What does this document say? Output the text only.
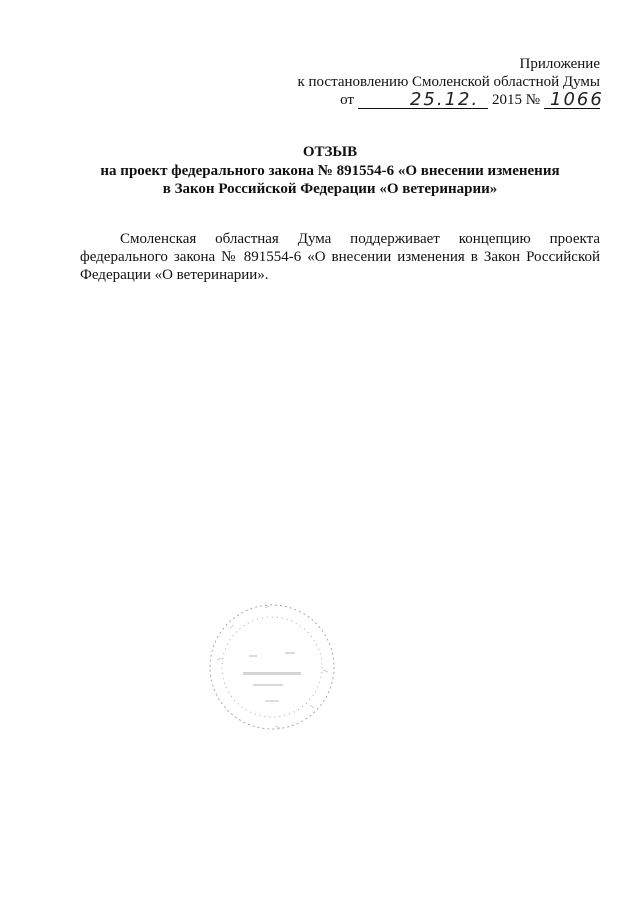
Приложение
к постановлению Смоленской областной Думы
от	25.12. 2015 № 1066
ОТЗЫВ
на проект федерального закона № 891554-6 «О внесении изменения
в Закон Российской Федерации «О ветеринарии»
Смоленская областная Дума поддерживает концепцию проекта федерального закона № 891554-6 «О внесении изменения в Закон Российской Федерации «О ветеринарии».
